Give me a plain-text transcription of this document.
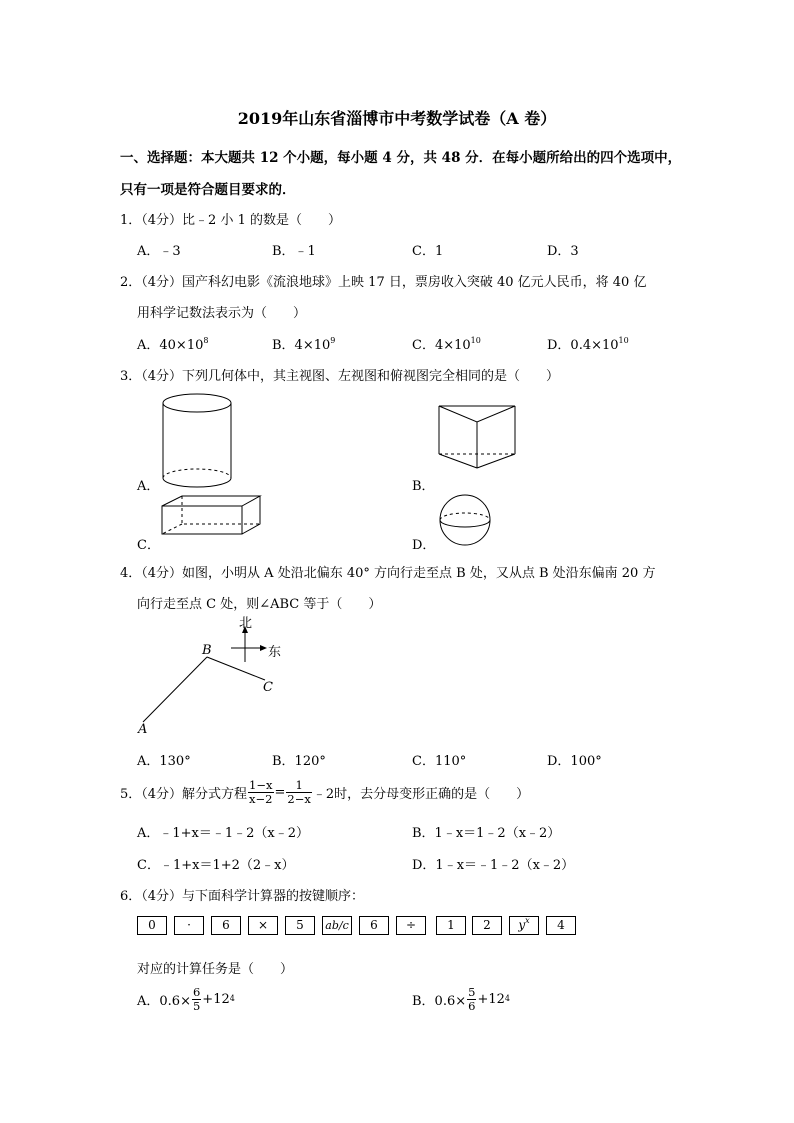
2019年山东省淄博市中考数学试卷（A 卷）
一、选择题：本大题共 12 个小题，每小题 4 分，共 48 分．在每小题所给出的四个选项中，
只有一项是符合题目要求的．
1．（4分）比﹣2 小 1 的数是（　　）
A．﹣3	B．﹣1	C．1	D．3
2．（4分）国产科幻电影《流浪地球》上映 17 日，票房收入突破 40 亿元人民币，将 40 亿
用科学记数法表示为（　　）
A．$40\times 10^8$	B．$4\times 10^9$	C．$4\times 10^{10}$	D．$0.4\times 10^{10}$
3．（4分）下列几何体中，其主视图、左视图和俯视图完全相同的是（　　）
A．	B．
C．	D．
4．（4分）如图，小明从 A 处沿北偏东 40° 方向行走至点 B 处，又从点 B 处沿东偏南 20 方
向行走至点 C 处，则∠ABC 等于（　　）
北
东
B
C
A
A．130°	B．120°	C．110°	D．100°
5．（4分）解分式方程 $\frac{1-x}{x-2} = \frac{1}{2-x}$ ﹣2时，去分母变形正确的是（　　）
A．﹣1+x＝﹣1﹣2（x﹣2）	B．1﹣x＝1﹣2（x﹣2）
C．﹣1+x＝1+2（2﹣x）	D．1﹣x＝﹣1﹣2（x﹣2）
6．（4分）与下面科学计算器的按键顺序：
0	·	6	×	5	ab/c	6	÷	1	2	$y^x$	4
对应的计算任务是（　　）
A．$0.6\times \frac{6}{5} +12$ 4	B．$0.6\times \frac{5}{6} +12$ 4
